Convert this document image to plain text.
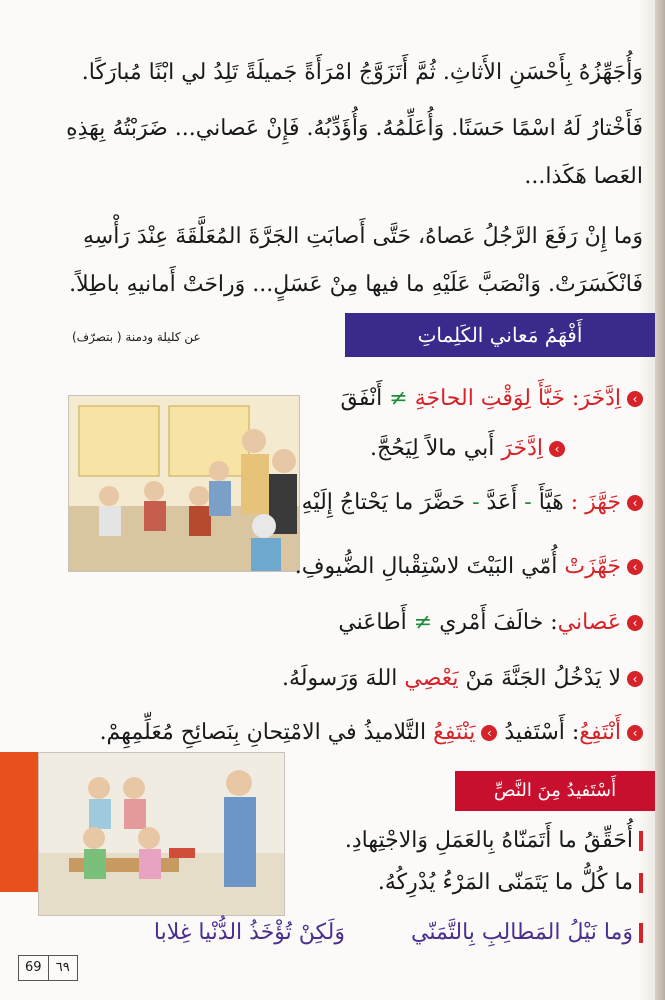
وَأُجَهِّزُهُ بِأَحْسَنِ الأَثاثِ. ثُمَّ أَتَزَوَّجُ امْرَأَةً جَميلَةً تَلِدُ لي ابْنًا مُبارَكًا.
فَأَخْتارُ لَهُ اسْمًا حَسَنًا. وَأُعَلِّمُهُ. وَأُؤَدِّبُهُ. فَإِنْ عَصاني... ضَرَبْتُهُ بِهَذِهِ
العَصا هَكَذا...
وَما إِنْ رَفَعَ الرَّجُلُ عَصاهُ، حَتَّى أَصابَتِ الجَرَّةَ المُعَلَّقَةَ عِنْدَ رَأْسِهِ
فَانْكَسَرَتْ. وَانْصَبَّ عَلَيْهِ ما فيها مِنْ عَسَلٍ... وَراحَتْ أَمانيهِ باطِلاً.
عن كليلة ودمنة ( بتصرّف)	أَفْهَمُ مَعاني الكَلِماتِ
›اِدَّخَرَ: خَبَّأَ لِوَقْتِ الحاجَةِ ≠ أَنْفَقَ
›اِدَّخَرَ أَبي مالاً لِيَحُجَّ.
›جَهَّزَ : هَيَّأَ - أَعَدَّ - حَضَّرَ ما يَحْتاجُ إِلَيْهِ
›جَهَّزَتْ أُمّي البَيْتَ لاسْتِقْبالِ الضُّيوفِ.
›عَصاني: خالَفَ أَمْري ≠ أَطاعَني
›لا يَدْخُلُ الجَنَّةَ مَنْ يَعْصِي اللهَ وَرَسولَهُ.
›أَنْتَفِعُ: أَسْتَفيدُ ›يَنْتَفِعُ التَّلاميذُ في الامْتِحانِ بِنَصائِحِ مُعَلِّمِهِمْ.
أَسْتَفيدُ مِنَ النَّصِّ
أُحَقِّقُ ما أَتَمَنّاهُ بِالعَمَلِ وَالاجْتِهادِ.
ما كُلُّ ما يَتَمَنّى المَرْءُ يُدْرِكُهُ.
وَما نَيْلُ المَطالِبِ بِالتَّمَنّي
وَلَكِنْ تُؤْخَذُ الدُّنْيا غِلابا
69	٦٩
